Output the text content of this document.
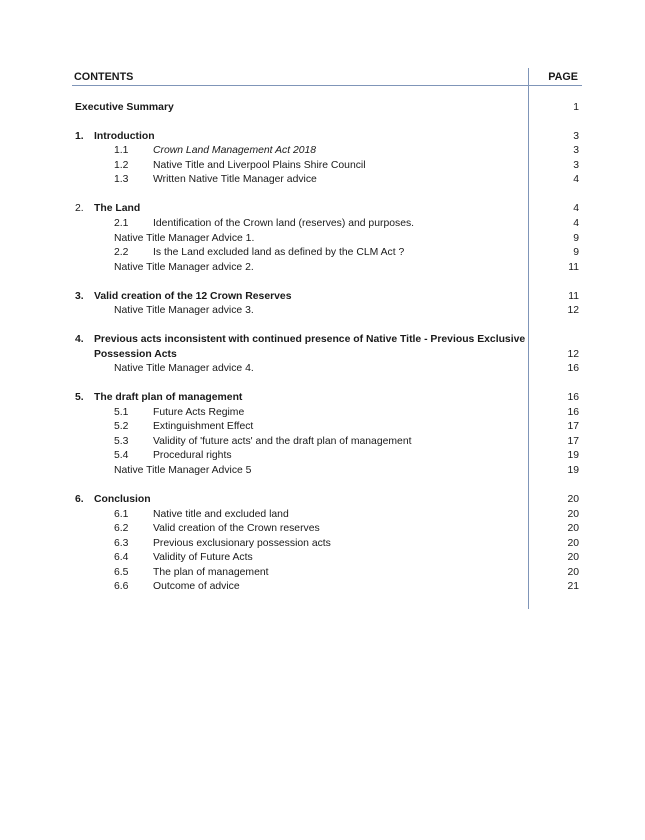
CONTENTS	PAGE
Executive Summary	1
1. Introduction	3
1.1 Crown Land Management Act 2018	3
1.2 Native Title and Liverpool Plains Shire Council	3
1.3 Written Native Title Manager advice	4
2. The Land	4
2.1 Identification of the Crown land (reserves) and purposes.	4
Native Title Manager Advice 1.	9
2.2 Is the Land excluded land as defined by the CLM Act ?	9
Native Title Manager advice 2.	11
3. Valid creation of the 12 Crown Reserves	11
Native Title Manager advice 3.	12
4. Previous acts inconsistent with continued presence of Native Title - Previous Exclusive
Possession Acts	12
Native Title Manager advice 4.	16
5. The draft plan of management	16
5.1 Future Acts Regime	16
5.2 Extinguishment Effect	17
5.3 Validity of 'future acts' and the draft plan of management	17
5.4 Procedural rights	19
Native Title Manager Advice 5	19
6. Conclusion	20
6.1 Native title and excluded land	20
6.2 Valid creation of the Crown reserves	20
6.3 Previous exclusionary possession acts	20
6.4 Validity of Future Acts	20
6.5 The plan of management	20
6.6 Outcome of advice	21
